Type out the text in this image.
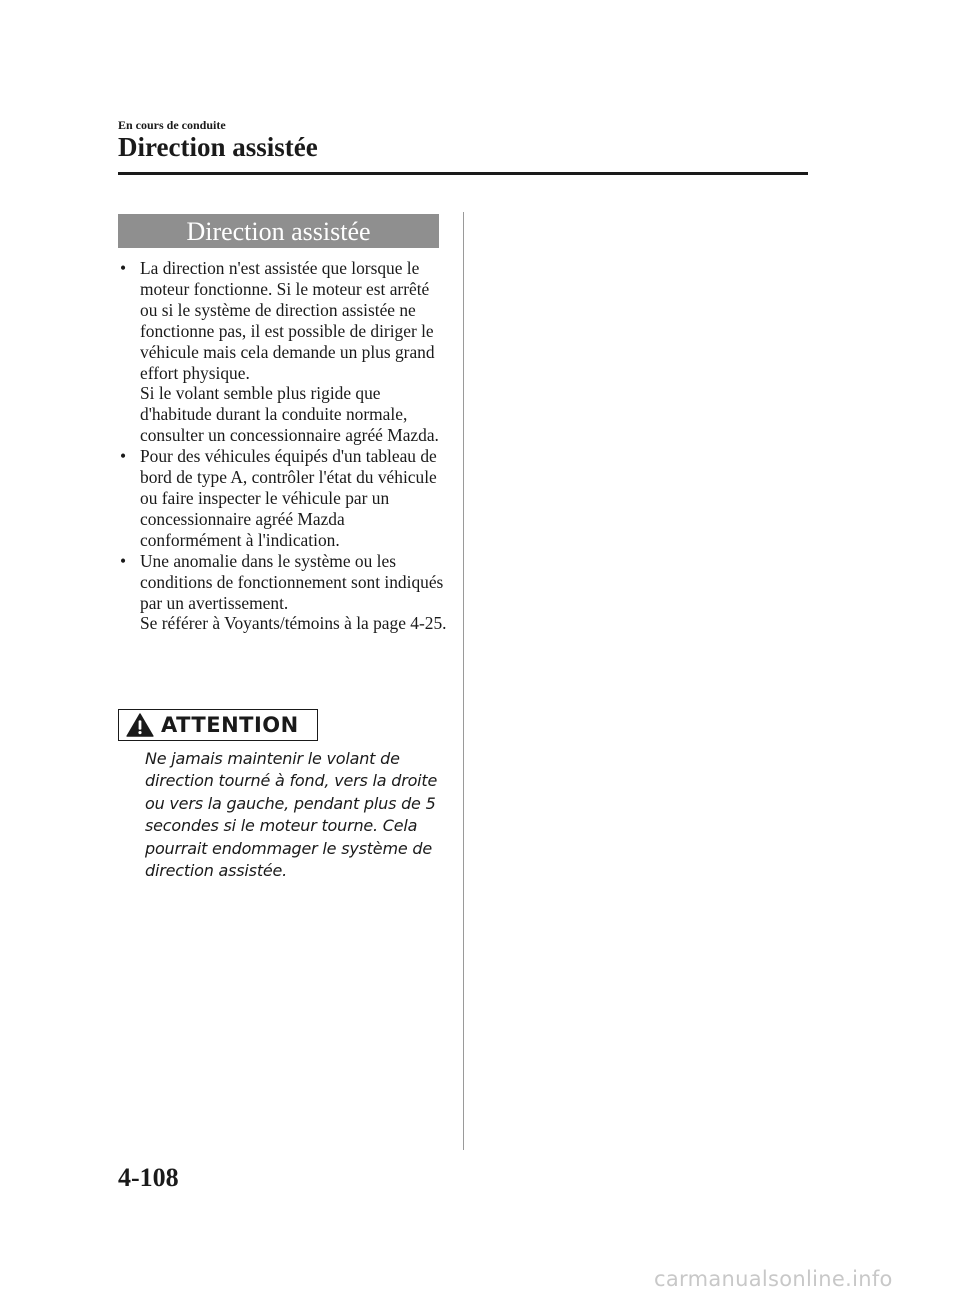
En cours de conduite
Direction assistée
Direction assistée
• La direction n'est assistée que lorsque le moteur fonctionne. Si le moteur est arrêté ou si le système de direction assistée ne fonctionne pas, il est possible de diriger le véhicule mais cela demande un plus grand effort physique.

Si le volant semble plus rigide que d'habitude durant la conduite normale, consulter un concessionnaire agréé Mazda.

• Pour des véhicules équipés d'un tableau de bord de type A, contrôler l'état du véhicule ou faire inspecter le véhicule par un concessionnaire agréé Mazda conformément à l'indication.

• Une anomalie dans le système ou les conditions de fonctionnement sont indiqués par un avertissement.

Se référer à Voyants/témoins à la page 4-25.

ATTENTION

Ne jamais maintenir le volant de direction tourné à fond, vers la droite ou vers la gauche, pendant plus de 5 secondes si le moteur tourne. Cela pourrait endommager le système de direction assistée.

4-108
carmanualsonline.info
